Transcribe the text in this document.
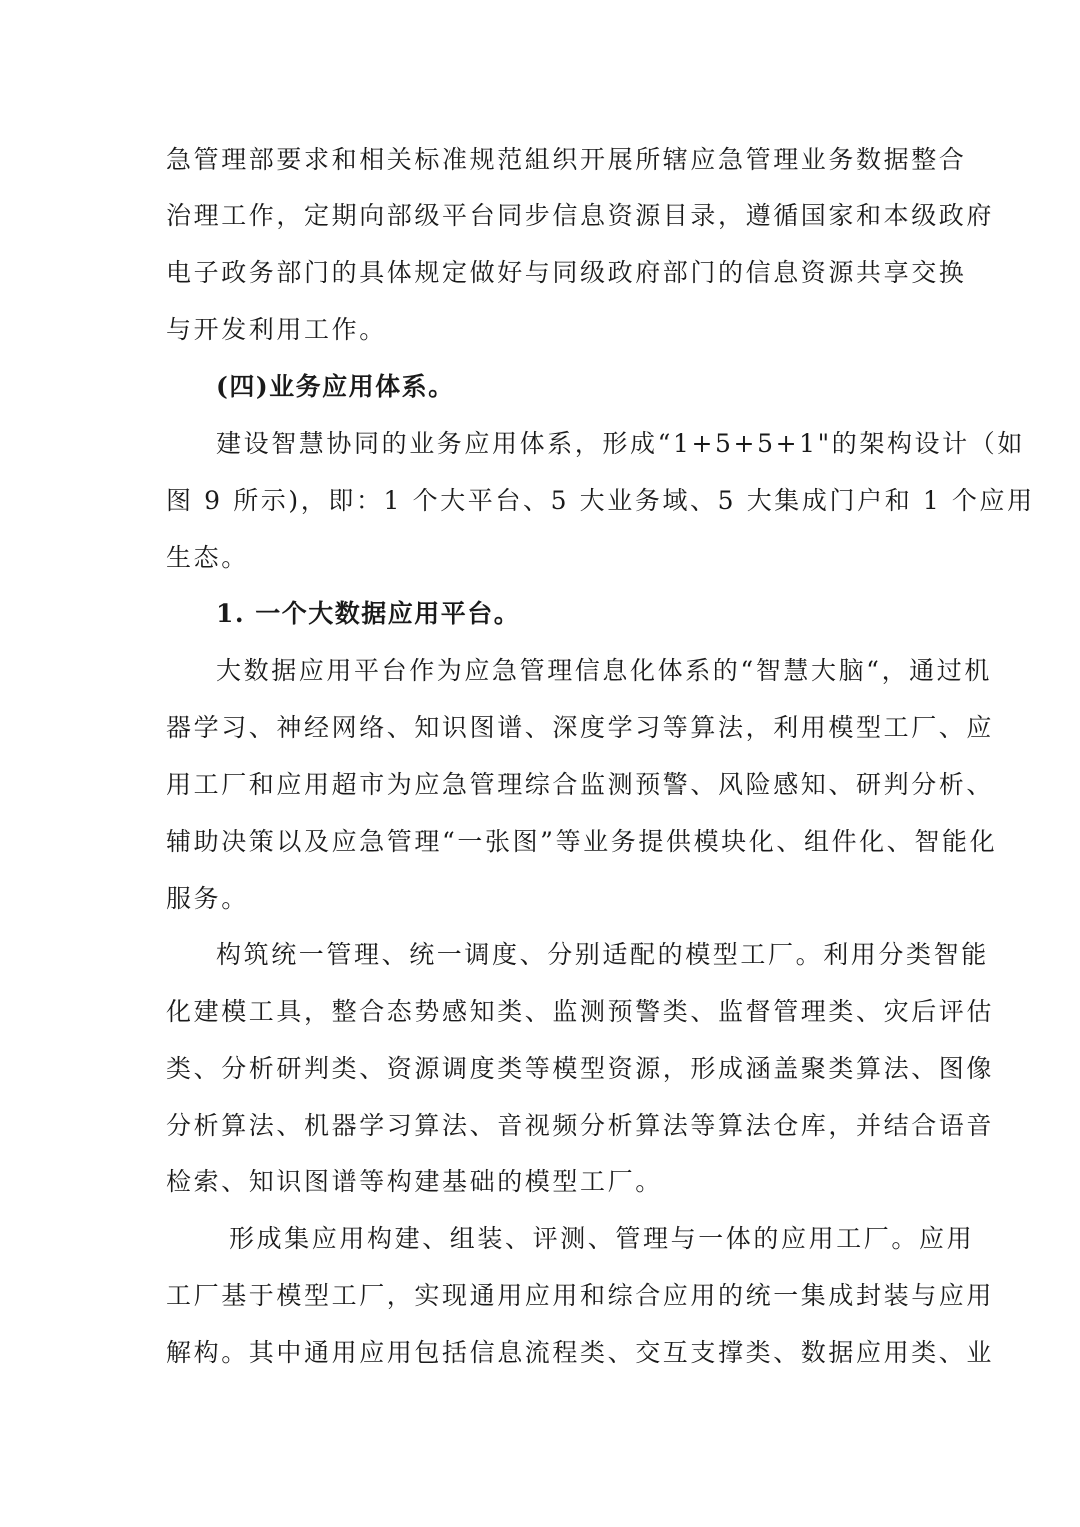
急管理部要求和相关标准规范組织开展所辖应急管理业务数据整合
治理工作，定期向部级平台同步信息资源目录，遵循国家和本级政府
电子政务部门的具体规定做好与同级政府部门的信息资源共享交换
与开发利用工作。
(四)业务应用体系。
建设智慧协同的业务应用体系，形成“1+5+5+1"的架构设计（如
图 9 所示)，即：1 个大平台、5 大业务域、5 大集成门户和 1 个应用
生态。
1. 一个大数据应用平台。
大数据应用平台作为应急管理信息化体系的“智慧大脑“，通过机
器学习、神经网络、知识图谱、深度学习等算法，利用模型工厂、应
用工厂和应用超市为应急管理综合监测预警、风险感知、研判分析、
辅助决策以及应急管理“一张图”等业务提供模块化、组件化、智能化
服务。
构筑统一管理、统一调度、分别适配的模型工厂。利用分类智能
化建模工具，整合态势感知类、监测预警类、监督管理类、灾后评估
类、分析研判类、资源调度类等模型资源，形成涵盖聚类算法、图像
分析算法、机器学习算法、音视频分析算法等算法仓库，并结合语音
检索、知识图谱等构建基础的模型工厂。
形成集应用构建、组装、评测、管理与一体的应用工厂。应用
工厂基于模型工厂，实现通用应用和综合应用的统一集成封装与应用
解构。其中通用应用包括信息流程类、交互支撑类、数据应用类、业
